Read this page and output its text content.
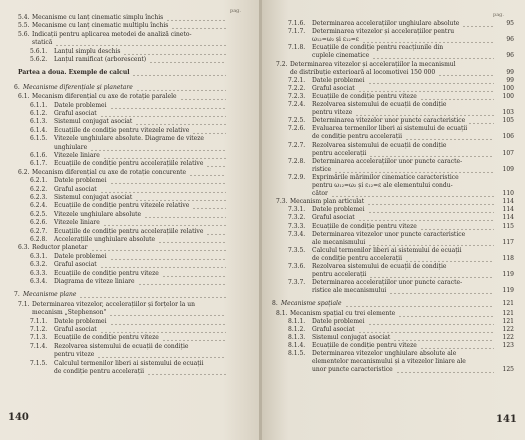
pag.
5.4. Mecanisme cu lanț cinematic simplu închis
5.5. Mecanisme cu lanț cinematic multiplu închis
5.6. Indicații pentru aplicarea metodei de analiză cineto-
statică
5.6.1. Lanțul simplu deschis
5.6.2. Lanțul ramificat (arborescent)
Partea a doua. Exemple de calcul
6. Mecanisme diferențiale și planetare
6.1. Mecanism diferențial cu axe de rotație paralele
6.1.1. Datele problemei
6.1.2. Graful asociat
6.1.3. Sistemul conjugat asociat
6.1.4. Ecuațiile de condiție pentru vitezele relative
6.1.5. Vitezele unghiulare absolute. Diagrame de viteze
unghiulare
6.1.6. Vitezele liniare
6.1.7. Ecuațiile de condiție pentru accelerațiile relative
6.2. Mecanism diferențial cu axe de rotație concurente
6.2.1. Datele problemei
6.2.2. Graful asociat
6.2.3. Sistemul conjugat asociat
6.2.4. Ecuațiile de condiție pentru vitezele relative
6.2.5. Vitezele unghiulare absolute
6.2.6. Vitezele liniare
6.2.7. Ecuațiile de condiție pentru accelerațiile relative
6.2.8. Accelerațiile unghiulare absolute
6.3. Reductor planetar
6.3.1. Datele problemei
6.3.2. Graful asociat
6.3.3. Ecuațiile de condiție pentru viteze
6.3.4. Diagrama de viteze liniare
7. Mecanisme plane
7.1. Determinarea vitezelor, accelerațiilor și forțelor la un
mecanism „Stephenson"
7.1.1. Datele problemei
7.1.2. Graful asociat
7.1.3. Ecuațiile de condiție pentru viteze
7.1.4. Rezolvarea sistemului de ecuații de condiție
pentru viteze
7.1.5. Calculul termenilor liberi ai sistemului de ecuații
de condiție pentru accelerații
140
pag.
7.1.6. Determinarea accelerațiilor unghiulare absolute	95
7.1.7. Determinarea vitezelor și accelerațiilor pentru
ω₁₂=ω₂ și ε₁₂=ε	96
7.1.8. Ecuațiile de condiție pentru reacțiunile din
cuplele cinematice	96
7.2. Determinarea vitezelor și accelerațiilor la mecanismul
de distribuție exterioară al locomotivei 150 000	99
7.2.1. Datele problemei	99
7.2.2. Graful asociat	100
7.2.3. Ecuațiile de condiție pentru viteze	100
7.2.4. Rezolvarea sistemului de ecuații de condiție
pentru viteze	103
7.2.5. Determinarea vitezelor unor puncte caracteristice	105
7.2.6. Evaluarea termenilor liberi ai sistemului de ecuații
de condiție pentru accelerații	106
7.2.7. Rezolvarea sistemului de ecuații de condiție
pentru accelerații	107
7.2.8. Determinarea accelerațiilor unor puncte caracte-
ristice	109
7.2.9. Exprimările mărimilor cinematice caracteristice
pentru ω₁₂=ω₂ și ε₁₂=ε ale elementului condu-
cător	110
7.3. Mecanism plan articulat	114
7.3.1. Datele problemei	114
7.3.2. Graful asociat	114
7.3.3. Ecuațiile de condiție pentru viteze	115
7.3.4. Determinarea vitezelor unor puncte caracteristice
ale mecanismului	117
7.3.5. Calculul termenilor liberi ai sistemului de ecuații
de condiție pentru accelerații	118
7.3.6. Rezolvarea sistemului de ecuații de condiție
pentru accelerații	119
7.3.7. Determinarea accelerațiilor unor puncte caracte-
ristice ale mecanismului	119
8. Mecanisme spațiale	121
8.1. Mecanism spațial cu trei elemente	121
8.1.1. Datele problemei	121
8.1.2. Graful asociat	122
8.1.3. Sistemul conjugat asociat	122
8.1.4. Ecuațiile de condiție pentru viteze	123
8.1.5. Determinarea vitezelor unghiulare absolute ale
elementelor mecanismului și a vitezelor liniare ale
unor puncte caracteristice	125
141
